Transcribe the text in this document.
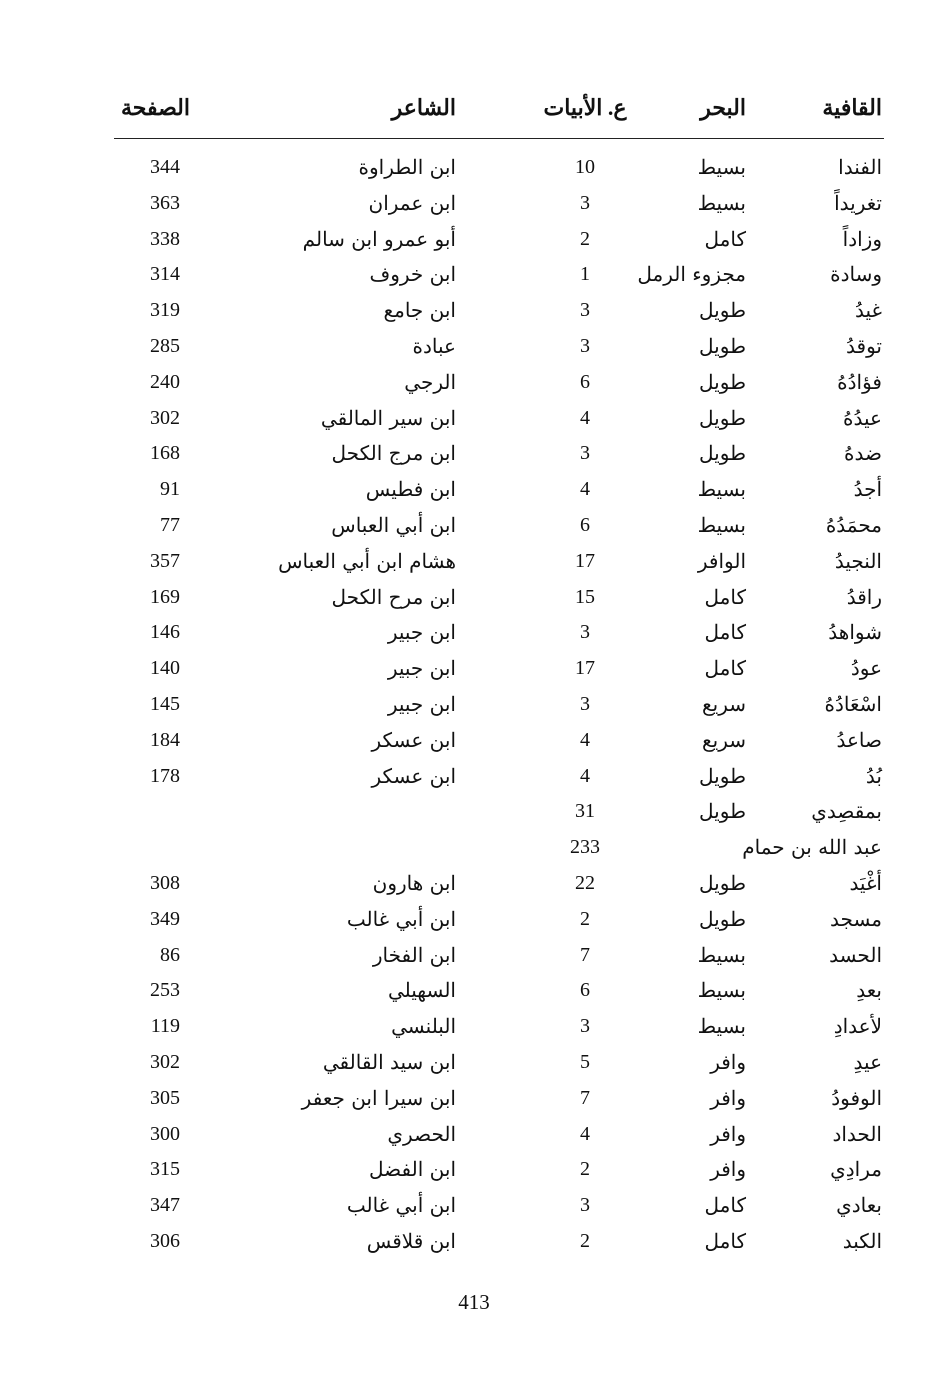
القافية
البحر
ع. الأبيات
الشاعر
الصفحة
الفندا
بسيط
10
ابن الطراوة
344
تغريداً
بسيط
3
ابن عمران
363
وزاداً
كامل
2
أبو عمرو ابن سالم
338
وسادة
مجزوء الرمل
1
ابن خروف
314
غيدُ
طويل
3
ابن جامع
319
توقدُ
طويل
3
عبادة
285
فؤادُهُ
طويل
6
الرجي
240
عيدُهُ
طويل
4
ابن سير المالقي
302
ضدهُ
طويل
3
ابن مرج الكحل
168
أجدُ
بسيط
4
ابن فطيس
91
محمَدُهُ
بسيط
6
ابن أبي العباس
77
النجيدُ
الوافر
17
هشام ابن أبي العباس
357
راقدُ
كامل
15
ابن مرح الكحل
169
شواهدُ
كامل
3
ابن جبير
146
عودُ
كامل
17
ابن جبير
140
اسْعَادُهُ
سريع
3
ابن جبير
145
صاعدُ
سريع
4
ابن عسكر
184
بُدُ
طويل
4
ابن عسكر
178
بمقصِدي
طويل
31
عبد الله بن حمام
233
أغْيَد
طويل
22
ابن هارون
308
مسجد
طويل
2
ابن أبي غالب
349
الحسد
بسيط
7
ابن الفخار
86
بعدِ
بسيط
6
السهيلي
253
لأعدادِ
بسيط
3
البلنسي
119
عيدِ
وافر
5
ابن سيد القالقي
302
الوفودُ
وافر
7
ابن سيرا ابن جعفر
305
الحداد
وافر
4
الحصري
300
مرادِي
وافر
2
ابن الفضل
315
بعادي
كامل
3
ابن أبي غالب
347
الكبد
كامل
2
ابن قلاقس
306
413
